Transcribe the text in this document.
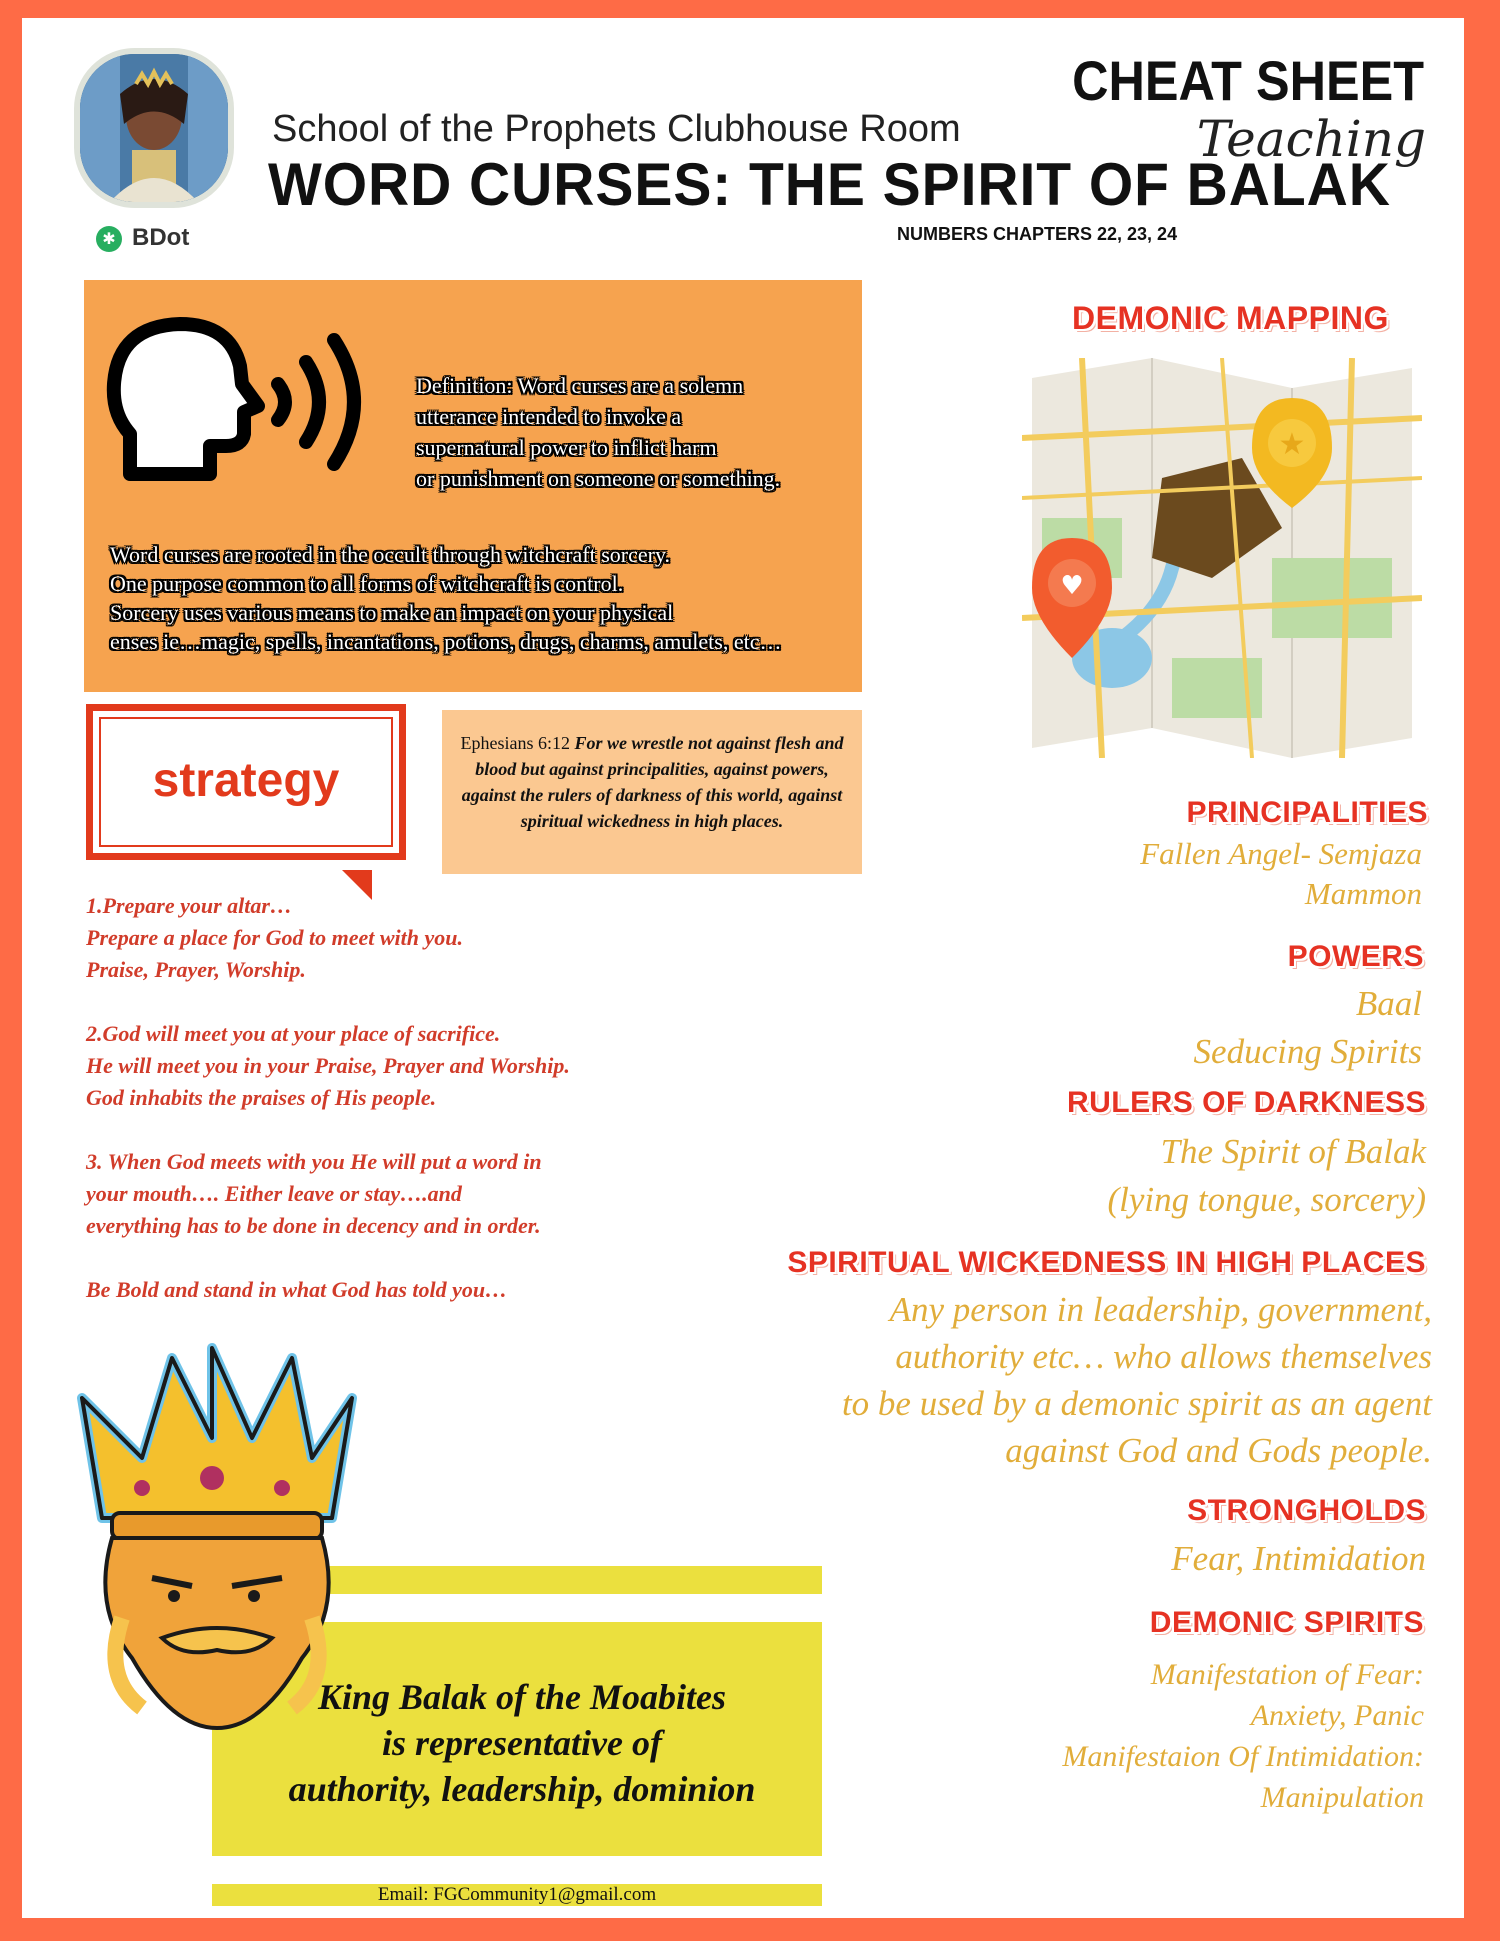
✱ BDot
School of the Prophets Clubhouse Room
WORD CURSES: THE SPIRIT OF BALAK
NUMBERS CHAPTERS 22, 23, 24
CHEAT SHEET
Teaching
Definition: Word curses are a solemn
utterance intended to invoke a
supernatural power to inflict harm
or punishment on someone or something.
Word curses are rooted in the occult through witchcraft sorcery.
One purpose common to all forms of witchcraft is control.
Sorcery uses various means to make an impact on your physical
enses ie…magic, spells, incantations, potions, drugs, charms, amulets, etc…
strategy
Ephesians 6:12 For we wrestle not against flesh and blood but against principalities, against powers, against the rulers of darkness of this world, against spiritual wickedness in high places.

1.Prepare your altar…
Prepare a place for God to meet with you.
Praise, Prayer, Worship.

2.God will meet you at your place of sacrifice.
He will meet you in your Praise, Prayer and Worship.
God inhabits the praises of His people.

3. When God meets with you He will put a word in
your mouth…. Either leave or stay….and
everything has to be done in decency and in order.

Be Bold and stand in what God has told you…

King Balak of the Moabites
is representative of
authority, leadership, dominion
Email: FGCommunity1@gmail.com
DEMONIC MAPPING
★
♥
PRINCIPALITIES
Fallen Angel- Semjaza
Mammon
POWERS
Baal
Seducing Spirits
RULERS OF DARKNESS
The Spirit of Balak
(lying tongue, sorcery)
SPIRITUAL WICKEDNESS IN HIGH PLACES
Any person in leadership, government,
authority etc… who allows themselves
to be used by a demonic spirit as an agent
against God and Gods people.
STRONGHOLDS
Fear, Intimidation
DEMONIC SPIRITS
Manifestation of Fear:
Anxiety, Panic
Manifestaion Of Intimidation:
Manipulation
